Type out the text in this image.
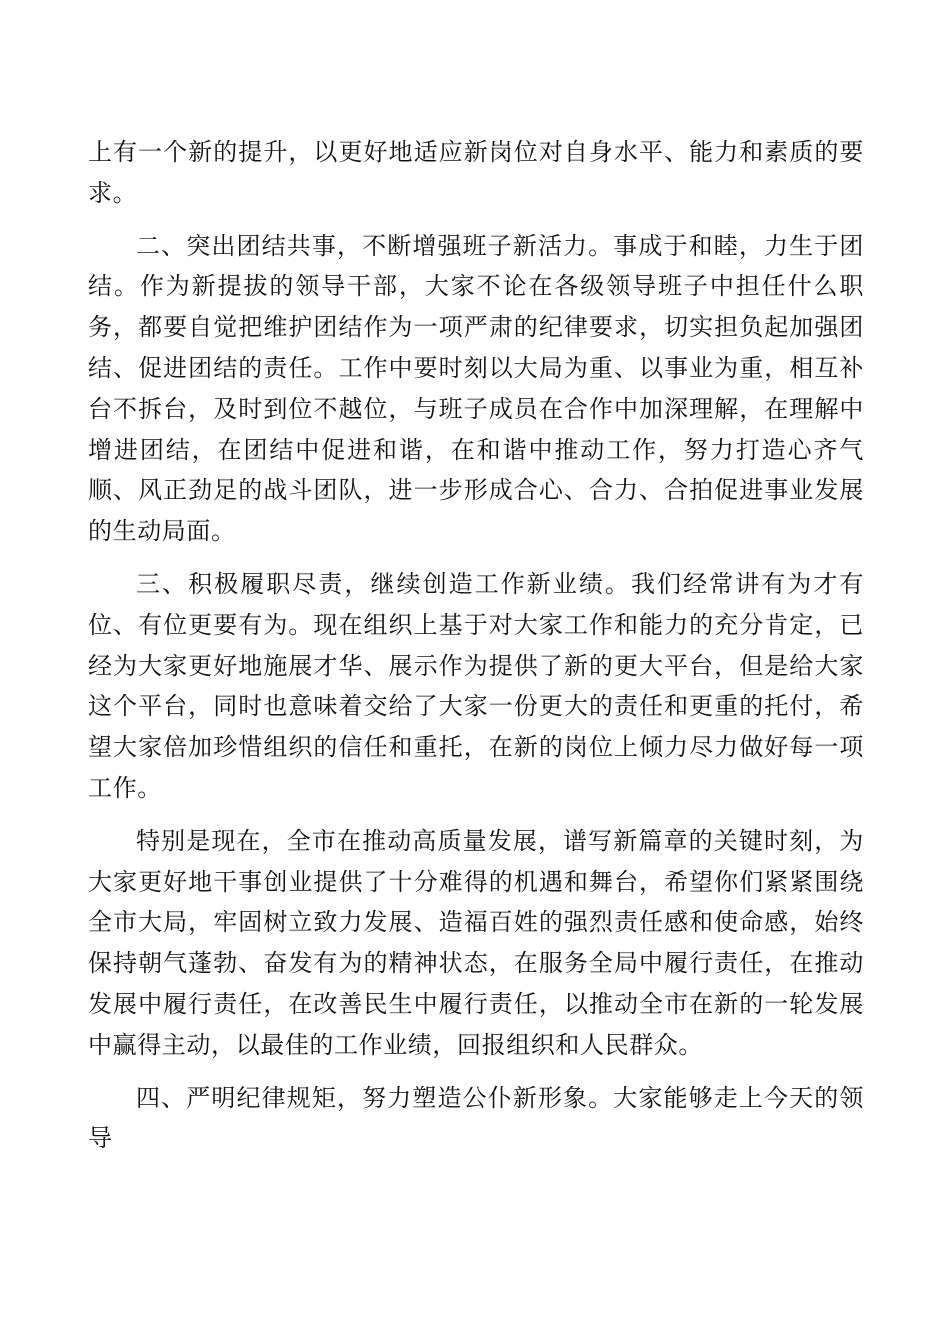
上有一个新的提升，以更好地适应新岗位对自身水平、能力和素质的要求。

二、突出团结共事，不断增强班子新活力。事成于和睦，力生于团结。作为新提拔的领导干部，大家不论在各级领导班子中担任什么职务，都要自觉把维护团结作为一项严肃的纪律要求，切实担负起加强团结、促进团结的责任。工作中要时刻以大局为重、以事业为重，相互补台不拆台，及时到位不越位，与班子成员在合作中加深理解，在理解中增进团结，在团结中促进和谐，在和谐中推动工作，努力打造心齐气顺、风正劲足的战斗团队，进一步形成合心、合力、合拍促进事业发展的生动局面。

三、积极履职尽责，继续创造工作新业绩。我们经常讲有为才有位、有位更要有为。现在组织上基于对大家工作和能力的充分肯定，已经为大家更好地施展才华、展示作为提供了新的更大平台，但是给大家这个平台，同时也意味着交给了大家一份更大的责任和更重的托付，希望大家倍加珍惜组织的信任和重托，在新的岗位上倾力尽力做好每一项工作。

特别是现在，全市在推动高质量发展，谱写新篇章的关键时刻，为大家更好地干事创业提供了十分难得的机遇和舞台，希望你们紧紧围绕全市大局，牢固树立致力发展、造福百姓的强烈责任感和使命感，始终保持朝气蓬勃、奋发有为的精神状态，在服务全局中履行责任，在推动发展中履行责任，在改善民生中履行责任，以推动全市在新的一轮发展中赢得主动，以最佳的工作业绩，回报组织和人民群众。

四、严明纪律规矩，努力塑造公仆新形象。大家能够走上今天的领导
